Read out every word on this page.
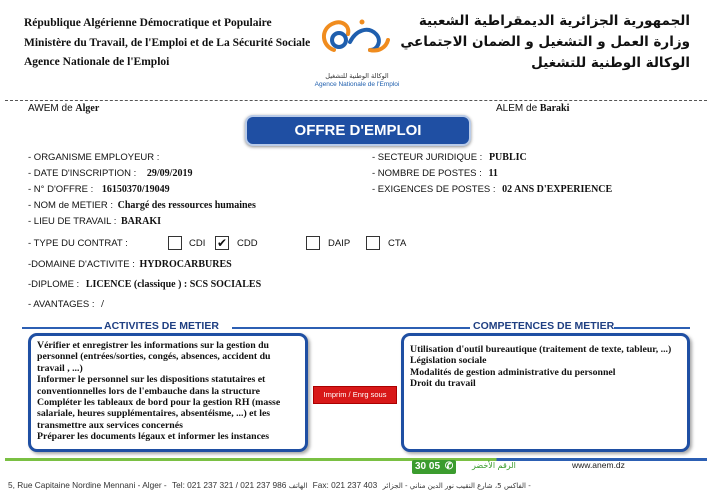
République Algérienne Démocratique et Populaire
Ministère du Travail, de l'Emploi et de La Sécurité Sociale
Agence Nationale de l'Emploi
الجمهورية الجزائرية الديمقراطية الشعبية
وزارة العمل و التشغيل و الضمان الاجتماعي
الوكالة الوطنية للتشغيل
الوكالة الوطنية للتشغيل
Agence Nationale de l'Emploi
AWEM de Alger	ALEM de Baraki
OFFRE D'EMPLOI
- ORGANISME EMPLOYEUR :
- DATE D'INSCRIPTION : 29/09/2019
- N° D'OFFRE : 16150370/19049
- NOM de METIER : Chargé des ressources humaines
- LIEU DE TRAVAIL : BARAKI
- SECTEUR JURIDIQUE : PUBLIC
- NOMBRE DE POSTES : 11
- EXIGENCES DE POSTES : 02 ANS D'EXPERIENCE
- TYPE DU CONTRAT :	CDI ✔ CDD	DAIP	CTA
-DOMAINE D'ACTIVITE : HYDROCARBURES
-DIPLOME : LICENCE (classique ) : SCS SOCIALES
- AVANTAGES : /
ACTIVITES DE METIER	COMPETENCES DE METIER
Vérifier et enregistrer les informations sur la gestion du personnel (entrées/sorties, congés, absences, accident du travail , ...)
Informer le personnel sur les dispositions statutaires et conventionnelles lors de l'embauche dans la structure
Compléter les tableaux de bord pour la gestion RH (masse salariale, heures supplémentaires, absentéisme, ...) et les transmettre aux services concernés
Préparer les documents légaux et informer les instances
Utilisation d'outil bureautique (traitement de texte, tableur, ...)
Législation sociale
Modalités de gestion administrative du personnel
Droit du travail
Imprim / Enrg sous
30 05 ✆	الرقم الأخضر	www.anem.dz
5, Rue Capitaine Nordine Mennani - Alger - Tel: 021 237 321 / 021 237 986 الهاتف Fax: 021 237 403	الفاكس 5، شارع النقيب نور الدين مناني - الجزائر -
